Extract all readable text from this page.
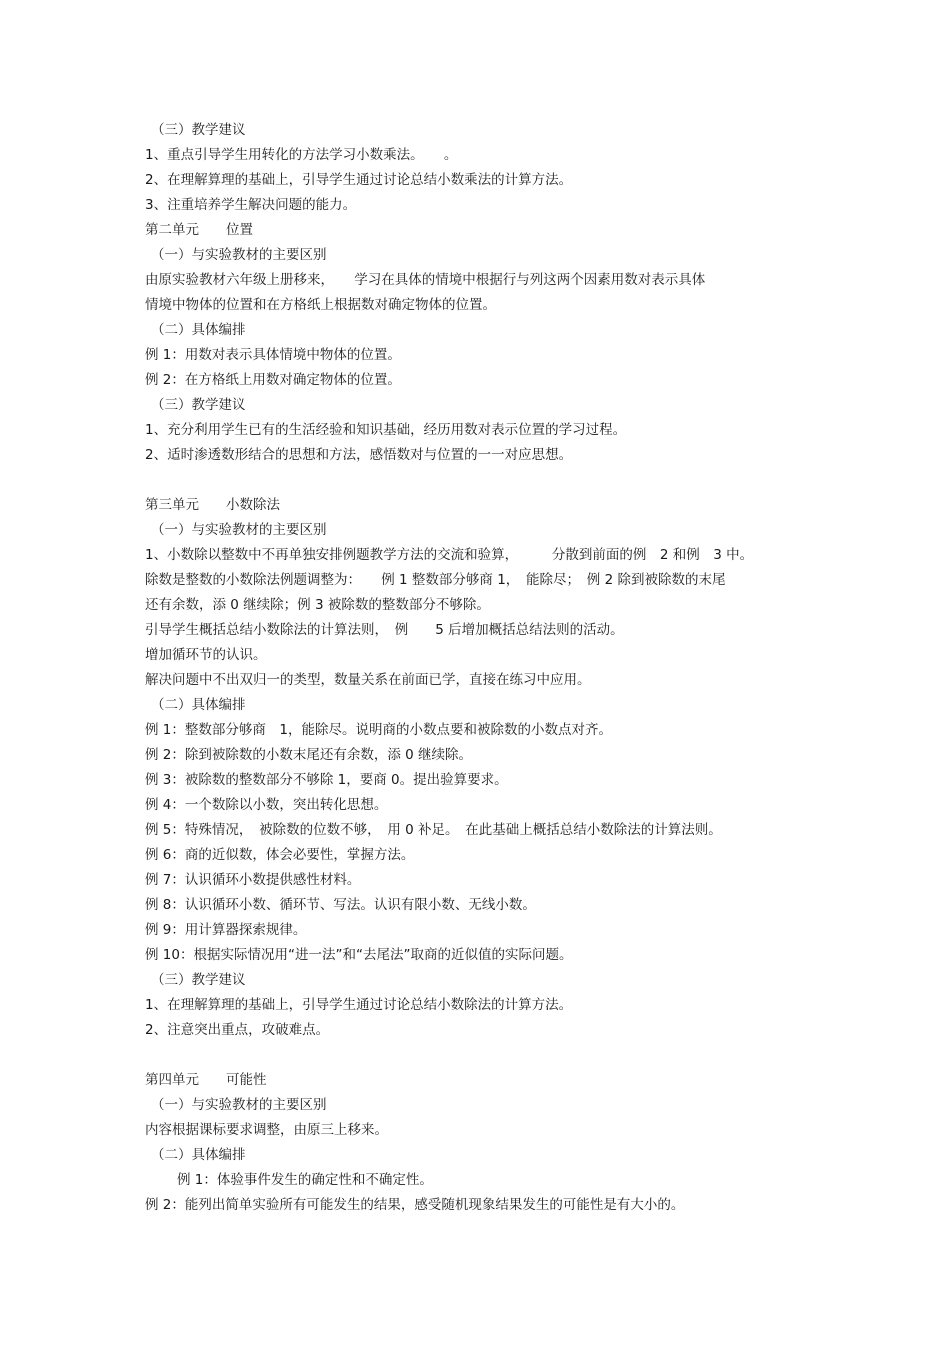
（三）教学建议

1、重点引导学生用转化的方法学习小数乘法。　　。

2、在理解算理的基础上，引导学生通过讨论总结小数乘法的计算方法。

3、注重培养学生解决问题的能力。

第二单元　　位置

（一）与实验教材的主要区别

由原实验教材六年级上册移来，　　学习在具体的情境中根据行与列这两个因素用数对表示具体

情境中物体的位置和在方格纸上根据数对确定物体的位置。

（二）具体编排

例 1：用数对表示具体情境中物体的位置。

例 2：在方格纸上用数对确定物体的位置。

（三）教学建议

1、充分利用学生已有的生活经验和知识基础，经历用数对表示位置的学习过程。

2、适时渗透数形结合的思想和方法，感悟数对与位置的一一对应思想。

第三单元　　小数除法

（一）与实验教材的主要区别

1、小数除以整数中不再单独安排例题教学方法的交流和验算，　　　分散到前面的例　2 和例　3 中。

除数是整数的小数除法例题调整为：　　例 1 整数部分够商 1，　能除尽；　例 2 除到被除数的末尾

还有余数，添 0 继续除；例 3 被除数的整数部分不够除。

引导学生概括总结小数除法的计算法则，　例　　5 后增加概括总结法则的活动。

增加循环节的认识。

解决问题中不出双归一的类型，数量关系在前面已学，直接在练习中应用。

（二）具体编排

例 1：整数部分够商　1，能除尽。说明商的小数点要和被除数的小数点对齐。

例 2：除到被除数的小数末尾还有余数，添 0 继续除。

例 3：被除数的整数部分不够除 1，要商 0。提出验算要求。

例 4：一个数除以小数，突出转化思想。

例 5：特殊情况，　被除数的位数不够，　用 0 补足。　在此基础上概括总结小数除法的计算法则。

例 6：商的近似数，体会必要性，掌握方法。

例 7：认识循环小数提供感性材料。

例 8：认识循环小数、循环节、写法。认识有限小数、无线小数。

例 9：用计算器探索规律。

例 10：根据实际情况用“进一法”和“去尾法”取商的近似值的实际问题。

（三）教学建议

1、在理解算理的基础上，引导学生通过讨论总结小数除法的计算方法。

2、注意突出重点，攻破难点。

第四单元　　可能性

（一）与实验教材的主要区别

内容根据课标要求调整，由原三上移来。

（二）具体编排

例 1：体验事件发生的确定性和不确定性。

例 2：能列出简单实验所有可能发生的结果，感受随机现象结果发生的可能性是有大小的。
